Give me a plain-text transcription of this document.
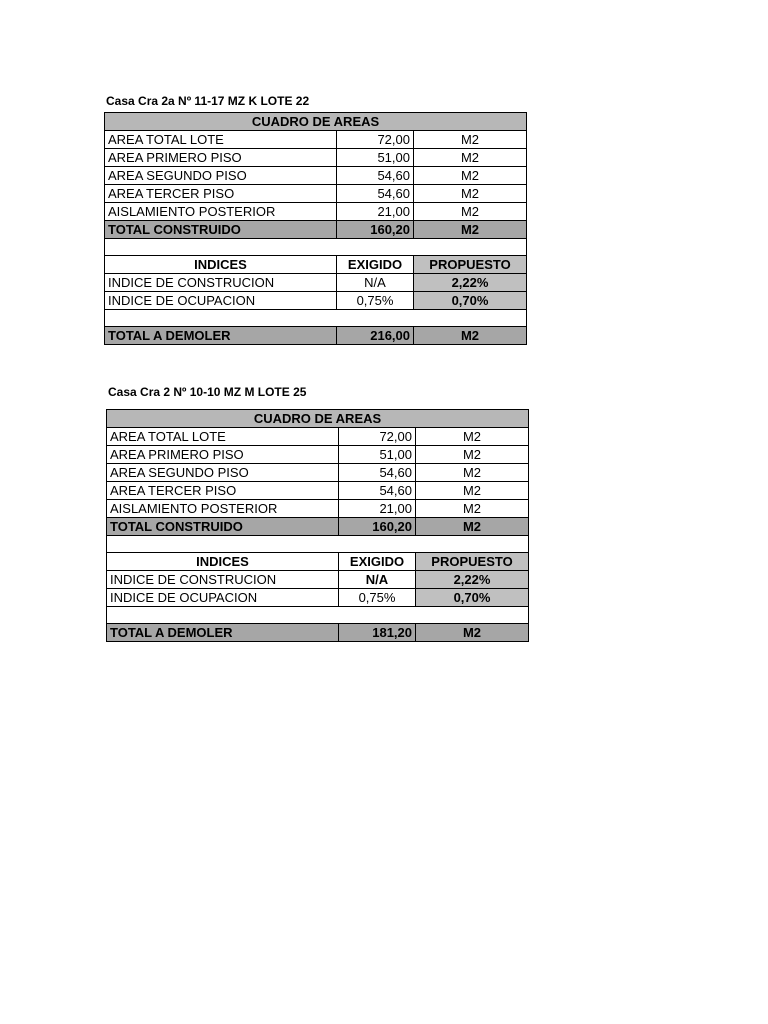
Casa Cra 2a Nº 11-17 MZ K LOTE 22
CUADRO DE AREAS		
AREA TOTAL LOTE	72,00	M2
AREA PRIMERO PISO	51,00	M2
AREA SEGUNDO PISO	54,60	M2
AREA TERCER PISO	54,60	M2
AISLAMIENTO POSTERIOR	21,00	M2
TOTAL CONSTRUIDO	160,20	M2

INDICES	EXIGIDO	PROPUESTO
INDICE DE CONSTRUCION	N/A	2,22%
INDICE DE OCUPACION	0,75%	0,70%

TOTAL A DEMOLER	216,00	M2
Casa Cra 2 Nº 10-10 MZ M LOTE 25
CUADRO DE AREAS		
AREA TOTAL LOTE	72,00	M2
AREA PRIMERO PISO	51,00	M2
AREA SEGUNDO PISO	54,60	M2
AREA TERCER PISO	54,60	M2
AISLAMIENTO POSTERIOR	21,00	M2
TOTAL CONSTRUIDO	160,20	M2

INDICES	EXIGIDO	PROPUESTO
INDICE DE CONSTRUCION	N/A	2,22%
INDICE DE OCUPACION	0,75%	0,70%

TOTAL A DEMOLER	181,20	M2
